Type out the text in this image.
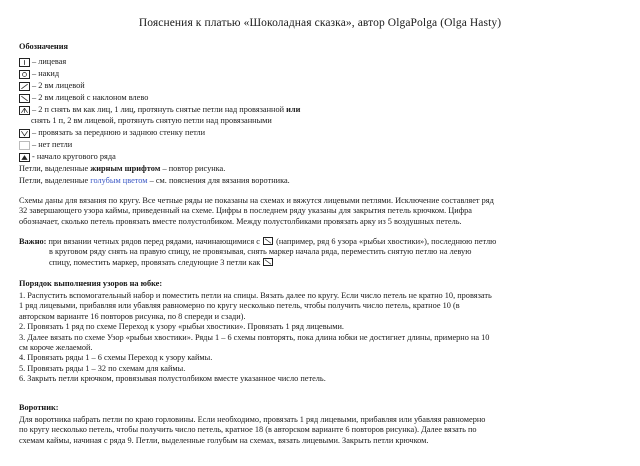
Пояснения к платью «Шоколадная сказка», автор OlgaPolga (Olga Hasty)
Обозначения
– лицевая
– накид
– 2 вм лицевой
– 2 вм лицевой с наклоном влево
– 2 п снять вм как лиц, 1 лиц, протянуть снятые петли над провязанной или
снять 1 п, 2 вм лицевой, протянуть снятую петли над провязанными
– провязать за переднюю и заднюю стенку петли
– нет петли
- начало кругового ряда
Петли, выделенные жирным шрифтом – повтор рисунка.
Петли, выделенные голубым цветом – см. пояснения для вязания воротника.
Схемы даны для вязания по кругу. Все четные ряды не показаны на схемах и вяжутся лицевыми петлями. Исключение составляет ряд
32 завершающего узора каймы, приведенный на схеме. Цифры в последнем ряду указаны для закрытия петель крючком. Цифра
обозначает, сколько петель провязать вместе полустолбиком. Между полустолбиками провязать арку из 5 воздушных петель.
Важно: при вязании четных рядов перед рядами, начинающимися с (например, ряд 6 узора «рыбьи хвостики»), последнюю петлю
в круговом ряду снять на правую спицу, не провязывая, снять маркер начала ряда, переместить снятую петлю на левую
спицу, поместить маркер, провязать следующие 3 петли как
Порядок выполнения узоров на юбке:
1. Распустить вспомогательный набор и поместить петли на спицы. Вязать далее по кругу. Если число петель не кратно 10, провязать
1 ряд лицевыми, прибавляя или убавляя равномерно по кругу несколько петель, чтобы получить число петель, кратное 10 (в
авторском варианте 16 повторов рисунка, по 8 спереди и сзади).
2. Провязать 1 ряд по схеме Переход к узору «рыбьи хвостики». Провязать 1 ряд лицевыми.
3. Далее вязать по схеме Узор «рыбьи хвостики». Ряды 1 – 6 схемы повторять, пока длина юбки не достигнет длины, примерно на 10
см короче желаемой.
4. Провязать ряды 1 – 6 схемы Переход к узору каймы.
5. Провязать ряды 1 – 32 по схемам для каймы.
6. Закрыть петли крючком, провязывая полустолбиком вместе указанное число петель.
Воротник:
Для воротника набрать петли по краю горловины. Если необходимо, провязать 1 ряд лицевыми, прибавляя или убавляя равномерно
по кругу несколько петель, чтобы получить число петель, кратное 18 (в авторском варианте 6 повторов рисунка). Далее вязать по
схемам каймы, начиная с ряда 9. Петли, выделенные голубым на схемах, вязать лицевыми. Закрыть петли крючком.
